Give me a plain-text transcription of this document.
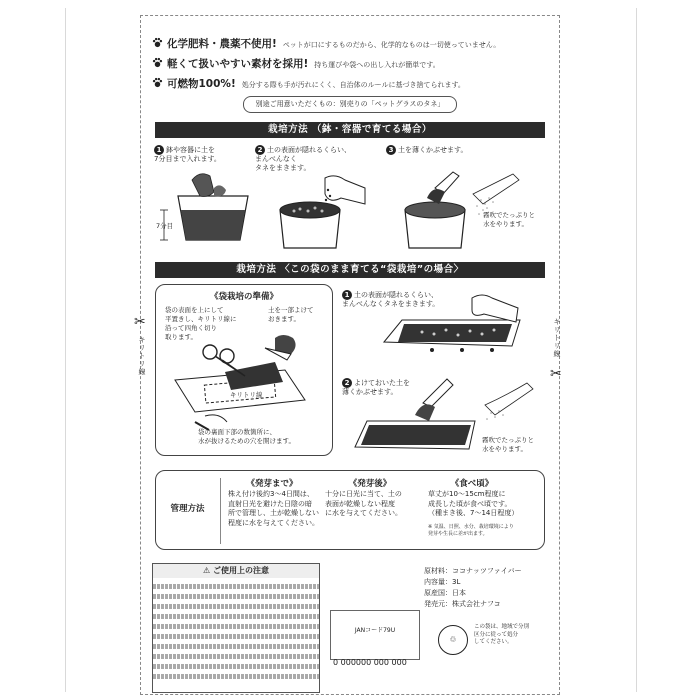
化学肥料・農薬不使用! ペットが口にするものだから、化学的なものは一切使っていません。
軽くて扱いやすい素材を採用! 持ち運びや袋への出し入れが簡単です。
可燃物100%! 処分する際も手が汚れにくく、自治体のルールに基づき捨てられます。
別途ご用意いただくもの：別売りの「ペットグラスのタネ」
栽培方法 （鉢・容器で育てる場合）
1 鉢や容器に土を
7分目まで入れます。
2 土の表面が隠れるくらい、
まんべんなく
タネをまきます。
3 土を薄くかぶせます。
7分目
霧吹でたっぷりと
水をやります。
栽培方法 〈この袋のまま育てる“袋栽培”の場合〉
《袋栽培の準備》
袋の表面を上にして
平置きし、キリトリ線に
沿って四角く切り
取ります。
土を一部よけて
おきます。
キリトリ線
袋の裏面下部の数箇所に、
水が抜けるための穴を開けます。
1 土の表面が隠れるくらい、
まんべんなくタネをまきます。
2 よけておいた土を
薄くかぶせます。
霧吹でたっぷりと
水をやります。
✂
キリトリ線	キリトリ線
✂
管理方法
《発芽まで》
株え付け後約3〜4日間は、
直射日光を避けた日陰の暗
所で管理し、土が乾燥しない
程度に水を与えてください。
《発芽後》
十分に日光に当て、土の
表面が乾燥しない程度
に水を与えてください。
《食べ頃》
草丈が10〜15cm程度に
成長した頃が食べ頃です。
（種まき後、7〜14日程度）
※ 気温、日照、水分、栽培環境により
発芽や生長に差が出ます。
⚠ ご使用上の注意	原材料：ココナッツファイバー
内容量：3L
原産国：日本
発売元：株式会社ナフコ
JANコード79U
0 000000 000 000
♲
この袋は、地域で分別
区分に従って処分
してください。
